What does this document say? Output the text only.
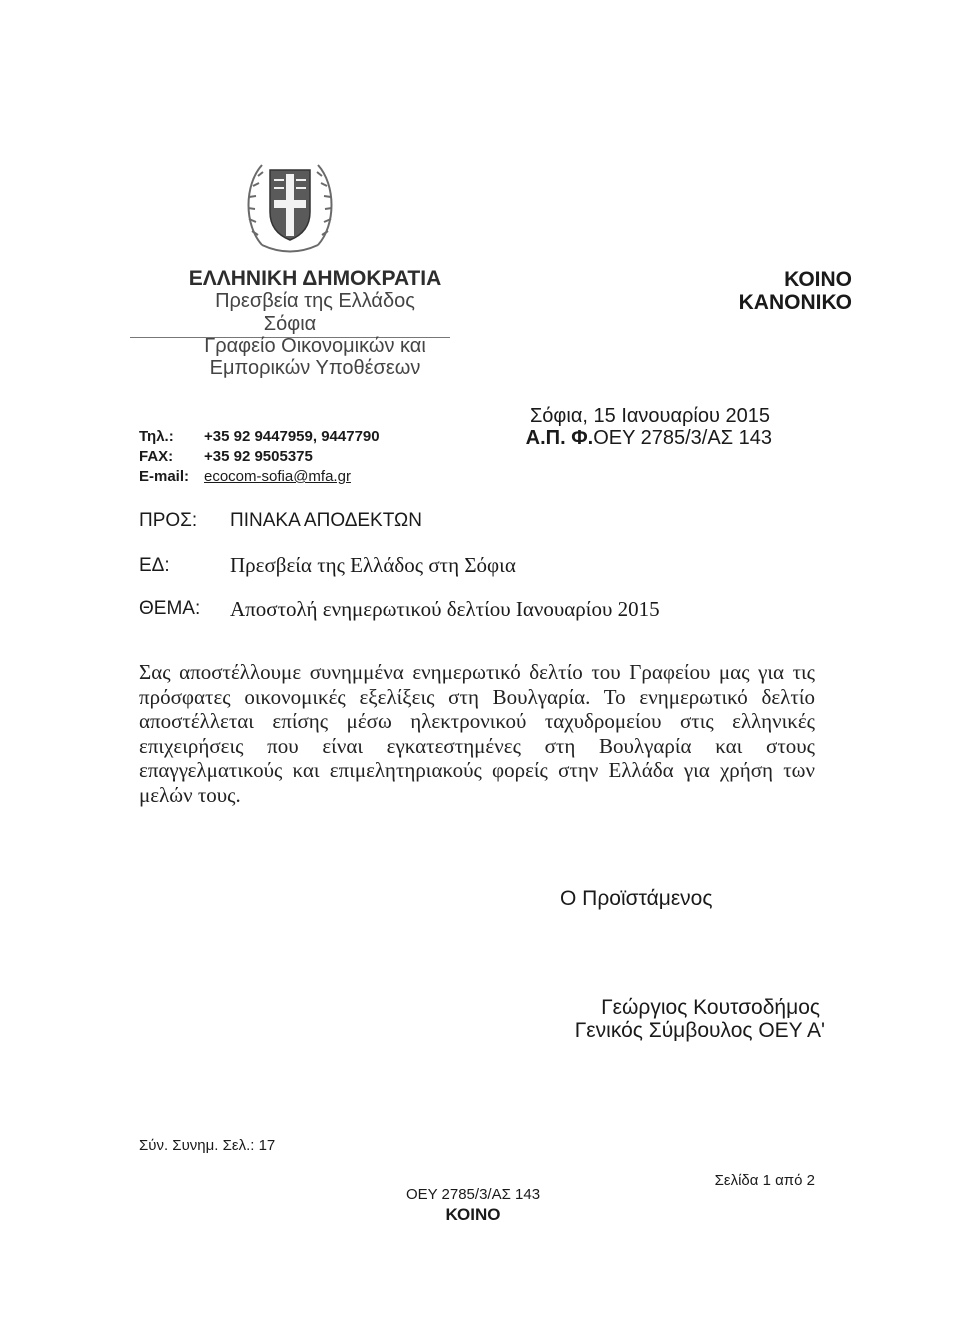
ΕΛΛΗΝΙΚΗ ΔΗΜΟΚΡΑΤΙΑ
Πρεσβεία της Ελλάδος
Σόφια
Γραφείο Οικονομικών και
Εμπορικών Υποθέσεων
ΚΟΙΝΟ
ΚΑΝΟΝΙΚΟ
Τηλ.: +35 92 9447959, 9447790
FAX: +35 92 9505375
E-mail: ecocom-sofia@mfa.gr
Σόφια, 15 Ιανουαρίου 2015
Α.Π. Φ.ΟΕΥ 2785/3/ΑΣ 143
ΠΡΟΣ: ΠΙΝΑΚΑ ΑΠΟΔΕΚΤΩΝ
ΕΔ:	Πρεσβεία της Ελλάδος στη Σόφια
ΘΕΜΑ: Αποστολή ενημερωτικού δελτίου Ιανουαρίου 2015
Σας αποστέλλουμε συνημμένα ενημερωτικό δελτίο του Γραφείου μας για τις πρόσφατες οικονομικές εξελίξεις στη Βουλγαρία. Το ενημερωτικό δελτίο αποστέλλεται επίσης μέσω ηλεκτρονικού ταχυδρομείου στις ελληνικές επιχειρήσεις που είναι εγκατεστημένες στη Βουλγαρία και στους επαγγελματικούς και επιμελητηριακούς φορείς στην Ελλάδα για χρήση των μελών τους.
Ο Προϊστάμενος
Γεώργιος Κουτσοδήμος
Γενικός Σύμβουλος ΟΕΥ Α'
Σύν. Συνημ. Σελ.: 17
ΟΕΥ 2785/3/ΑΣ 143
ΚΟΙΝΟ
Σελίδα 1 από 2
